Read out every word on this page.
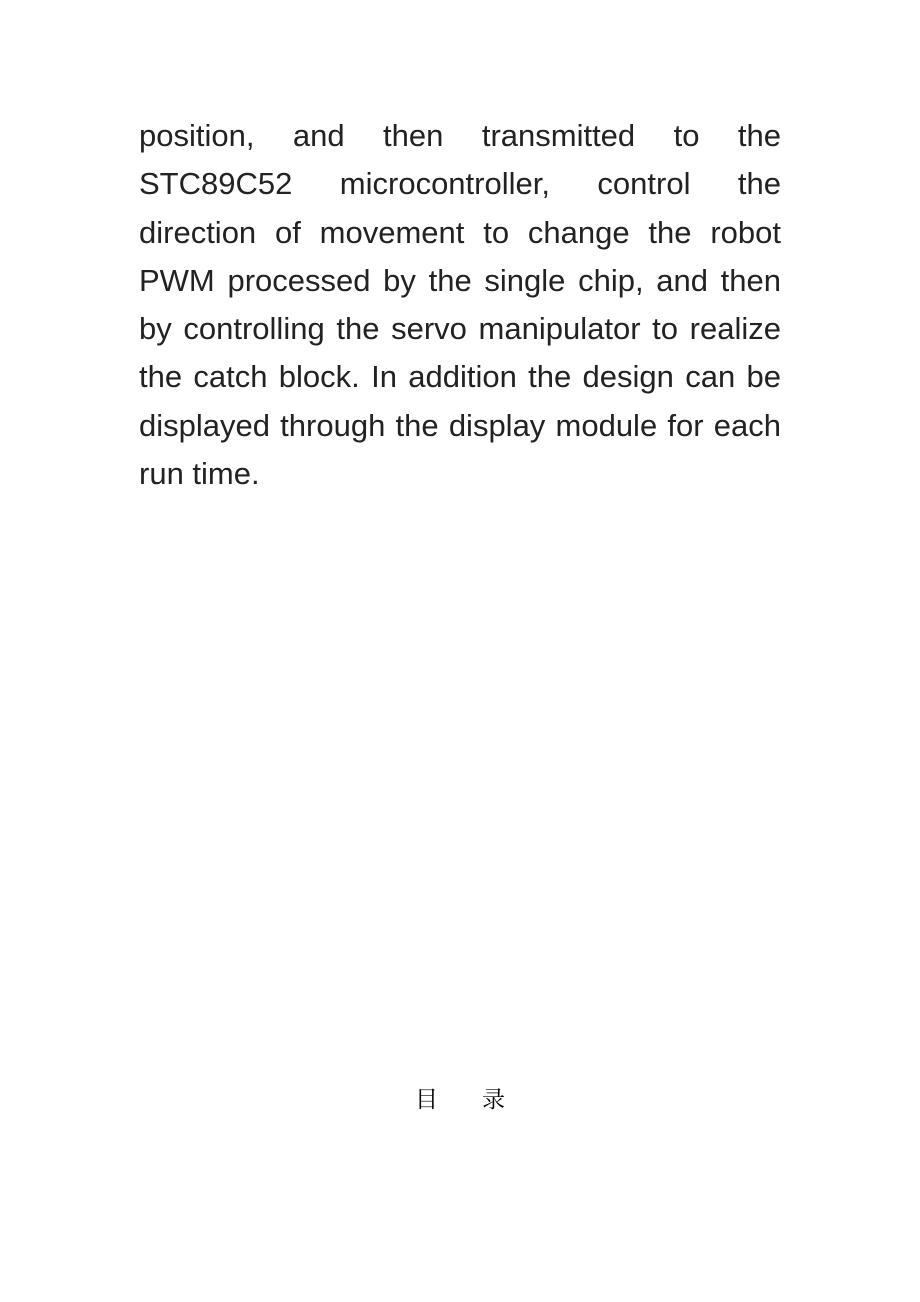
position, and then transmitted to the STC89C52 microcontroller, control the direction of movement to change the robot PWM processed by the single chip, and then by controlling the servo manipulator to realize the catch block. In addition the design can be displayed through the display module for each run time.

目 录
